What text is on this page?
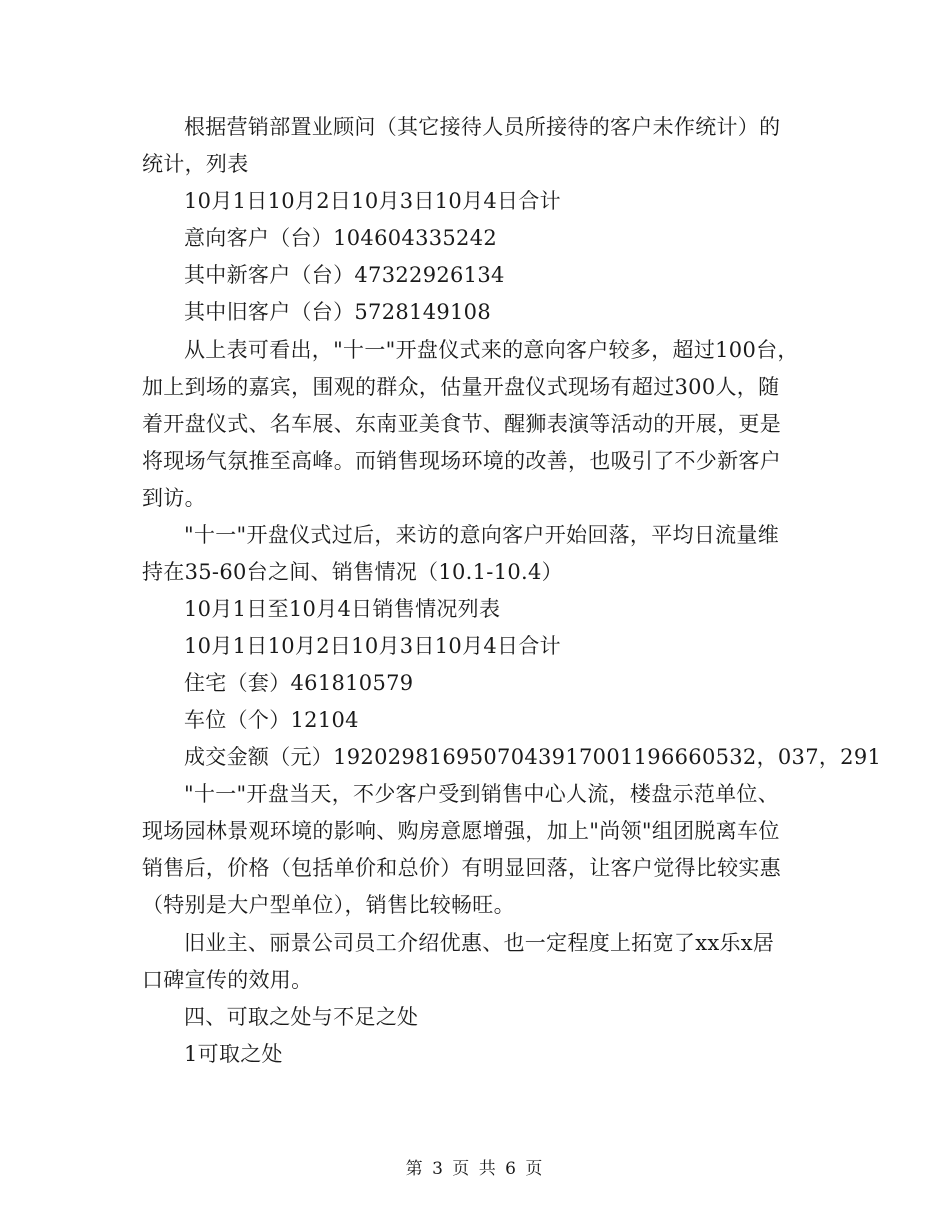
根据营销部置业顾问（其它接待人员所接待的客户未作统计）的
统计，列表
10月1日10月2日10月3日10月4日合计
意向客户（台）104604335242
其中新客户（台）47322926134
其中旧客户（台）5728149108
从上表可看出，"十一"开盘仪式来的意向客户较多，超过100台，
加上到场的嘉宾，围观的群众，估量开盘仪式现场有超过300人，随
着开盘仪式、名车展、东南亚美食节、醒狮表演等活动的开展，更是
将现场气氛推至高峰。而销售现场环境的改善，也吸引了不少新客户
到访。
"十一"开盘仪式过后，来访的意向客户开始回落，平均日流量维
持在35-60台之间、销售情况（10.1-10.4）
10月1日至10月4日销售情况列表
10月1日10月2日10月3日10月4日合计
住宅（套）461810579
车位（个）12104
成交金额（元）1920298169507043917001196660532，037，291
"十一"开盘当天，不少客户受到销售中心人流，楼盘示范单位、
现场园林景观环境的影响、购房意愿增强，加上"尚领"组团脱离车位
销售后，价格（包括单价和总价）有明显回落，让客户觉得比较实惠
（特别是大户型单位），销售比较畅旺。
旧业主、丽景公司员工介绍优惠、也一定程度上拓宽了xx乐x居
口碑宣传的效用。
四、可取之处与不足之处
1可取之处
第 3 页 共 6 页
